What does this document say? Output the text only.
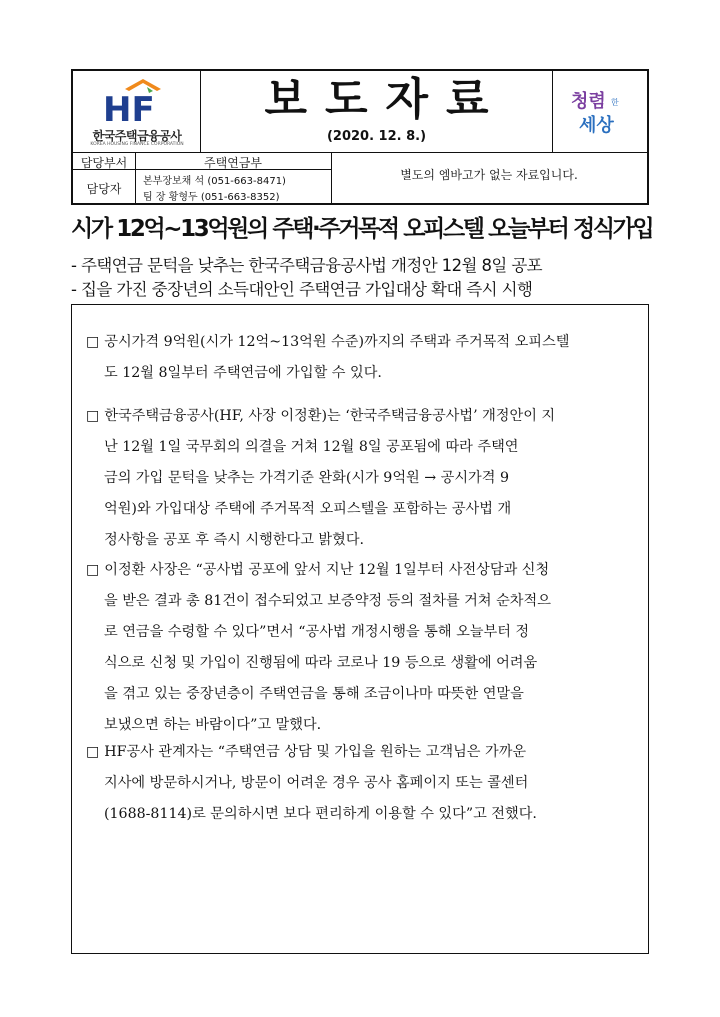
HF
한국주택금융공사
KOREA HOUSING FINANCE CORPORATION
보도자료
(2020. 12. 8.)
청렴 한
세상
담당부서	주택연금부
담당자
본부장보채 석 (051-663-8471)
팀 장 황형두 (051-663-8352)
별도의 엠바고가 없는 자료입니다.
시가 12억~13억원의 주택·주거목적 오피스텔 오늘부터 정식가입
- 주택연금 문턱을 낮추는 한국주택금융공사법 개정안 12월 8일 공포
- 집을 가진 중장년의 소득대안인 주택연금 가입대상 확대 즉시 시행
□ 공시가격 9억원(시가 12억~13억원 수준)까지의 주택과 주거목적 오피스텔
도 12월 8일부터 주택연금에 가입할 수 있다.
□ 한국주택금융공사(HF, 사장 이정환)는 ‘한국주택금융공사법’ 개정안이 지
난 12월 1일 국무회의 의결을 거쳐 12월 8일 공포됨에 따라 주택연
금의 가입 문턱을 낮추는 가격기준 완화(시가 9억원 → 공시가격 9
억원)와 가입대상 주택에 주거목적 오피스텔을 포함하는 공사법 개
정사항을 공포 후 즉시 시행한다고 밝혔다.
□ 이정환 사장은 “공사법 공포에 앞서 지난 12월 1일부터 사전상담과 신청
을 받은 결과 총 81건이 접수되었고 보증약정 등의 절차를 거쳐 순차적으
로 연금을 수령할 수 있다”면서 “공사법 개정시행을 통해 오늘부터 정
식으로 신청 및 가입이 진행됨에 따라 코로나 19 등으로 생활에 어려움
을 겪고 있는 중장년층이 주택연금을 통해 조금이나마 따뜻한 연말을
보냈으면 하는 바람이다”고 말했다.
□ HF공사 관계자는 “주택연금 상담 및 가입을 원하는 고객님은 가까운
지사에 방문하시거나, 방문이 어려운 경우 공사 홈페이지 또는 콜센터
(1688-8114)로 문의하시면 보다 편리하게 이용할 수 있다”고 전했다.
